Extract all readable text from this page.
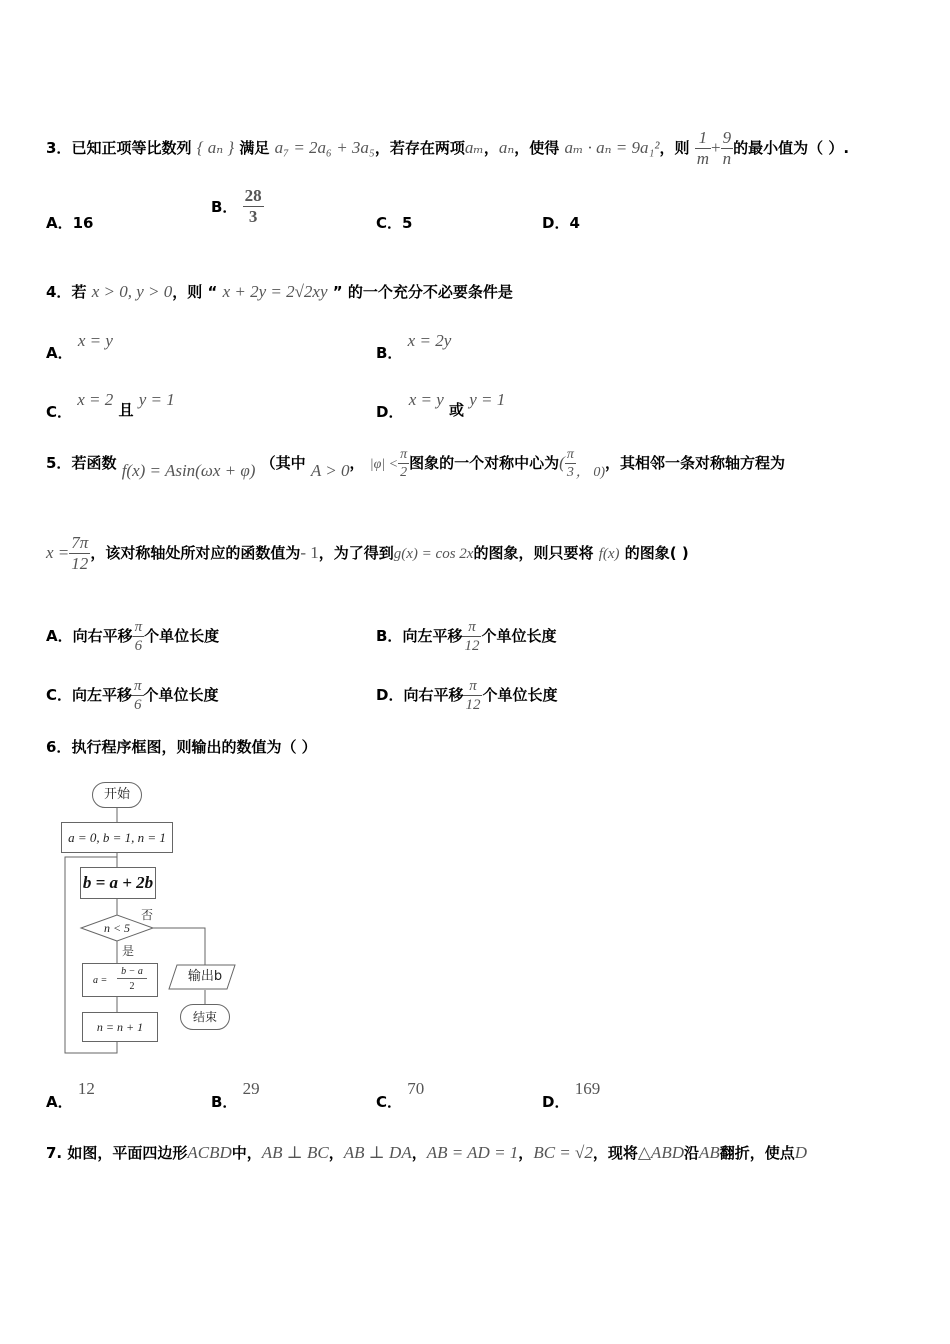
3．已知正项等比数列 { aₙ } 满足 a₇ = 2a₆ + 3a₅，若存在两项aₘ，aₙ，使得 aₘ · aₙ = 9a₁²，则 $\frac{1}{m} + \frac{9}{n}$ 的最小值为（ ）.
A．16
B． $\frac{28}{3}$	C．5	D．4
4．若 x > 0, y > 0，则 “ x + 2y = 2√2xy ” 的一个充分不必要条件是
A． x = y
B． x = 2y
C． x = 2 且 y = 1
D． x = y 或 y = 1
5．若函数 f(x) = Asin(ωx + φ) （其中 A > 0， $|\varphi| < \frac{\pi}{2}$ 图象的一个对称中心为( $\frac{\pi}{3}$ ， 0)，其相邻一条对称轴方程为
$x = \frac{7\pi}{12}$ ，该对称轴处所对应的函数值为- 1，为了得到g(x) = cos 2x的图象，则只要将 f(x) 的图象( )
A．向右平移 $\frac{\pi}{6}$ 个单位长度	B．向左平移 $\frac{\pi}{12}$ 个单位长度
C．向左平移 $\frac{\pi}{6}$ 个单位长度	D．向右平移 $\frac{\pi}{12}$ 个单位长度
6．执行程序框图，则输出的数值为（ ）
开始
a = 0, b = 1, n = 1
b = a + 2b
n < 5
否
是
a =
b − a
2
n = n + 1
输出b
结束
A． 12
B． 29
C． 70
D． 169
7. 如图，平面四边形ACBD中，AB ⊥ BC，AB ⊥ DA，AB = AD = 1，BC = √2，现将△ABD沿AB翻折，使点D
